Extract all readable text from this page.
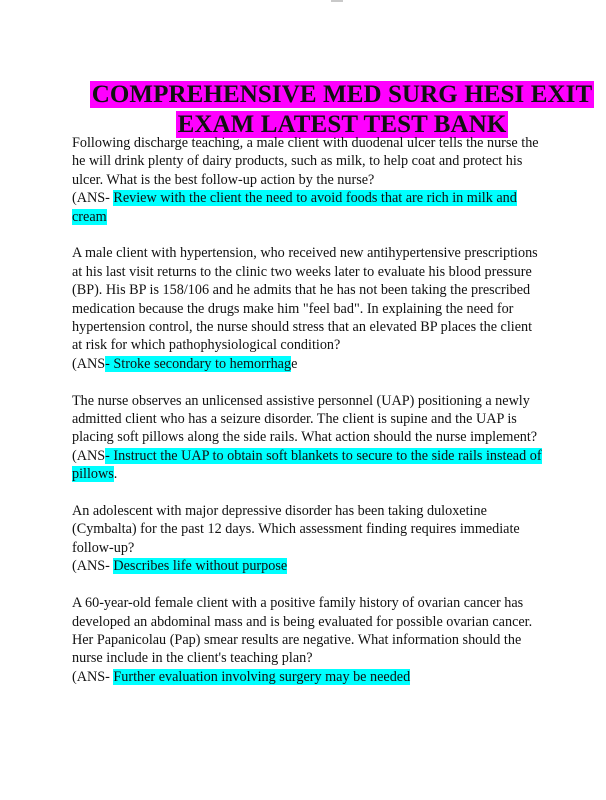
COMPREHENSIVE MED SURG HESI EXIT EXAM LATEST TEST BANK

Following discharge teaching, a male client with duodenal ulcer tells the nurse the he will drink plenty of dairy products, such as milk, to help coat and protect his ulcer. What is the best follow-up action by the nurse?

(ANS- Review with the client the need to avoid foods that are rich in milk and cream

A male client with hypertension, who received new antihypertensive prescriptions at his last visit returns to the clinic two weeks later to evaluate his blood pressure (BP). His BP is 158/106 and he admits that he has not been taking the prescribed medication because the drugs make him "feel bad". In explaining the need for hypertension control, the nurse should stress that an elevated BP places the client at risk for which pathophysiological condition?

(ANS- Stroke secondary to hemorrhage

The nurse observes an unlicensed assistive personnel (UAP) positioning a newly admitted client who has a seizure disorder. The client is supine and the UAP is placing soft pillows along the side rails. What action should the nurse implement?

(ANS- Instruct the UAP to obtain soft blankets to secure to the side rails instead of pillows.

An adolescent with major depressive disorder has been taking duloxetine (Cymbalta) for the past 12 days. Which assessment finding requires immediate follow-up?

(ANS- Describes life without purpose

A 60-year-old female client with a positive family history of ovarian cancer has developed an abdominal mass and is being evaluated for possible ovarian cancer. Her Papanicolau (Pap) smear results are negative. What information should the nurse include in the client's teaching plan?

(ANS- Further evaluation involving surgery may be needed
